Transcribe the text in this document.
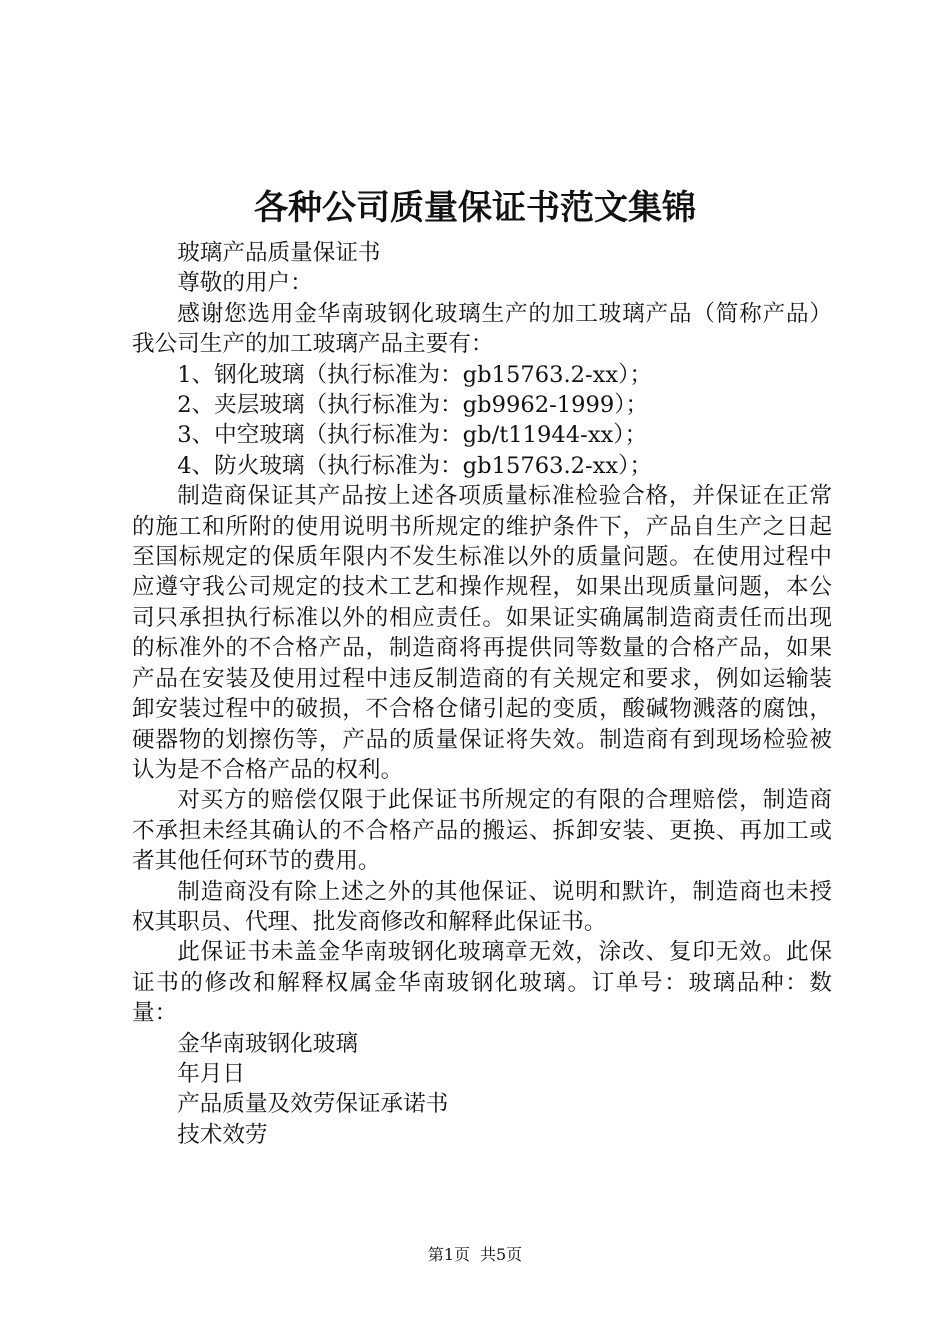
各种公司质量保证书范文集锦

玻璃产品质量保证书

尊敬的用户：

感谢您选用金华南玻钢化玻璃生产的加工玻璃产品（简称产品）我公司生产的加工玻璃产品主要有：

1、钢化玻璃（执行标准为：gb15763.2-xx）；

2、夹层玻璃（执行标准为：gb9962-1999）；

3、中空玻璃（执行标准为：gb/t11944-xx）；

4、防火玻璃（执行标准为：gb15763.2-xx）；

制造商保证其产品按上述各项质量标准检验合格，并保证在正常的施工和所附的使用说明书所规定的维护条件下，产品自生产之日起至国标规定的保质年限内不发生标准以外的质量问题。在使用过程中应遵守我公司规定的技术工艺和操作规程，如果出现质量问题，本公司只承担执行标准以外的相应责任。如果证实确属制造商责任而出现的标准外的不合格产品，制造商将再提供同等数量的合格产品，如果产品在安装及使用过程中违反制造商的有关规定和要求，例如运输装卸安装过程中的破损，不合格仓储引起的变质，酸碱物溅落的腐蚀，硬器物的划擦伤等，产品的质量保证将失效。制造商有到现场检验被认为是不合格产品的权利。

对买方的赔偿仅限于此保证书所规定的有限的合理赔偿，制造商不承担未经其确认的不合格产品的搬运、拆卸安装、更换、再加工或者其他任何环节的费用。

制造商没有除上述之外的其他保证、说明和默许，制造商也未授权其职员、代理、批发商修改和解释此保证书。

此保证书未盖金华南玻钢化玻璃章无效，涂改、复印无效。此保证书的修改和解释权属金华南玻钢化玻璃。订单号：玻璃品种：数量：

金华南玻钢化玻璃

年月日

产品质量及效劳保证承诺书

技术效劳

第1页 共5页
